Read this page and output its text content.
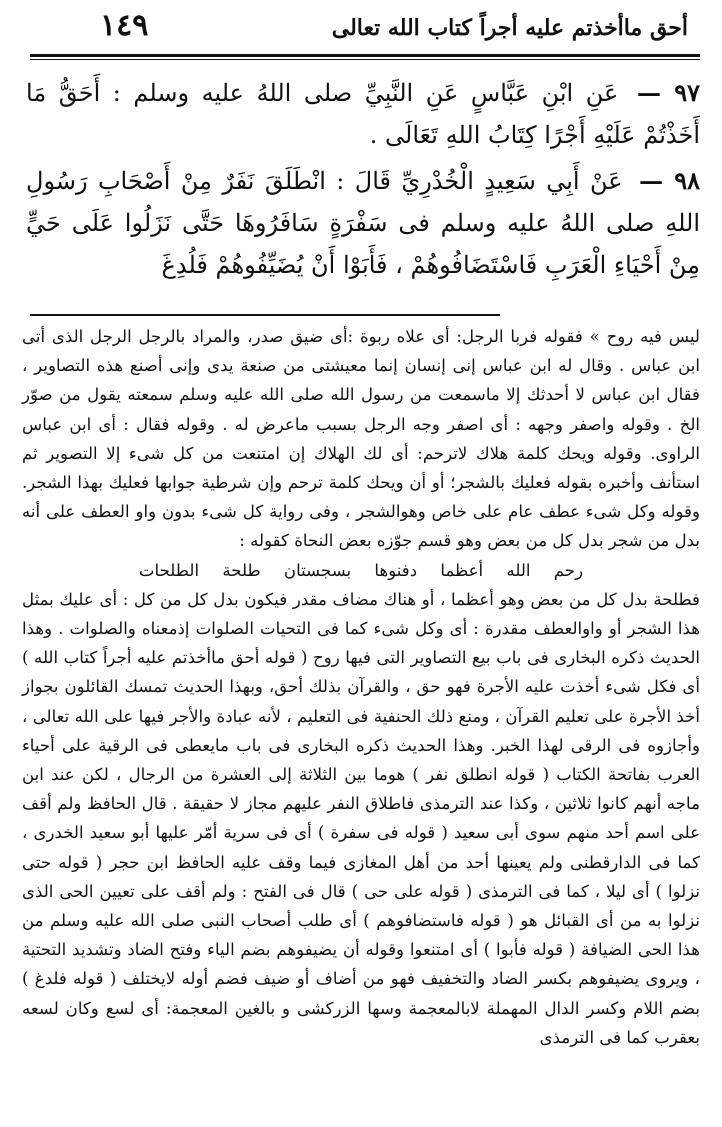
أحق ماأخذتم عليه أجراً كتاب الله تعالى
١٤٩

٩٧ — عَنِ ابْنِ عَبَّاسٍ عَنِ النَّبِيِّ صلى اللهُ عليه وسلم : أَحَقُّ مَا أَخَذْتُمْ عَلَيْهِ أَجْرًا كِتَابُ اللهِ تَعَالَى .

٩٨ — عَنْ أَبِي سَعِيدٍ الْخُدْرِيِّ قَالَ : انْطَلَقَ نَفَرٌ مِنْ أَصْحَابِ رَسُولِ اللهِ صلى اللهُ عليه وسلم فى سَفْرَةٍ سَافَرُوهَا حَتَّى نَزَلُوا عَلَى حَيٍّ مِنْ أَحْيَاءِ الْعَرَبِ فَاسْتَضَافُوهُمْ ، فَأَبَوْا أَنْ يُضَيِّفُوهُمْ فَلُدِغَ

ليس فيه روح » فقوله فربا الرجل: أى علاه ربوة :أى ضيق صدر، والمراد بالرجل الرجل الذى أتى ابن عباس . وقال له ابن عباس إنى إنسان إنما معيشتى من صنعة يدى وإنى أصنع هذه التصاوير ، فقال ابن عباس لا أحدثك إلا ماسمعت من رسول الله صلى الله عليه وسلم سمعته يقول من صوّر الخ . وقوله واصفر وجهه : أى اصفر وجه الرجل بسبب ماعرض له . وقوله فقال : أى ابن عباس الراوى. وقوله ويحك كلمة هلاك لاترحم: أى لك الهلاك إن امتنعت من كل شىء إلا التصوير ثم استأنف وأخبره بقوله فعليك بالشجر؛ أو أن ويحك كلمة ترحم وإن شرطية جوابها فعليك بهذا الشجر. وقوله وكل شىء عطف عام على خاص وهوالشجر ، وفى رواية كل شىء بدون واو العطف على أنه بدل من شجر بدل كل من بعض وهو قسم جوّزه بعض النحاة كقوله :

رحم الله أعظما دفنوها بسجستان طلحة الطلحات

فطلحة بدل كل من بعض وهو أعظما ، أو هناك مضاف مقدر فيكون بدل كل من كل : أى عليك بمثل هذا الشجر أو واوالعطف مقدرة : أى وكل شىء كما فى التحيات الصلوات إذمعناه والصلوات . وهذا الحديث ذكره البخارى فى باب بيع التصاوير التى فيها روح ( قوله أحق ماأخذتم عليه أجراً كتاب الله ) أى فكل شىء أخذت عليه الأجرة فهو حق ، والقرآن بذلك أحق، وبهذا الحديث تمسك القائلون بجواز أخذ الأجرة على تعليم القرآن ، ومنع ذلك الحنفية فى التعليم ، لأنه عبادة والأجر فيها على الله تعالى ، وأجازوه فى الرقى لهذا الخبر. وهذا الحديث ذكره البخارى فى باب مايعطى فى الرقية على أحياء العرب بفاتحة الكتاب ( قوله انطلق نفر ) هوما بين الثلاثة إلى العشرة من الرجال ، لكن عند ابن ماجه أنهم كانوا ثلاثين ، وكذا عند الترمذى فاطلاق النفر عليهم مجاز لا حقيقة . قال الحافظ ولم أقف على اسم أحد منهم سوى أبى سعيد ( قوله فى سفرة ) أى فى سرية أمّر عليها أبو سعيد الخدرى ، كما فى الدارقطنى ولم يعينها أحد من أهل المغازى فيما وقف عليه الحافظ ابن حجر ( قوله حتى نزلوا ) أى ليلا ، كما فى الترمذى ( قوله على حى ) قال فى الفتح : ولم أقف على تعيين الحى الذى نزلوا به من أى القبائل هو ( قوله فاستضافوهم ) أى طلب أصحاب النبى صلى الله عليه وسلم من هذا الحى الضيافة ( قوله فأبوا ) أى امتنعوا وقوله أن يضيفوهم بضم الياء وفتح الضاد وتشديد التحتية ، ويروى يضيفوهم بكسر الضاد والتخفيف فهو من أضاف أو ضيف فضم أوله لايختلف ( قوله فلدغ ) بضم اللام وكسر الدال المهملة لابالمعجمة وسها الزركشى و بالغين المعجمة: أى لسع وكان لسعه بعقرب كما فى الترمذى
